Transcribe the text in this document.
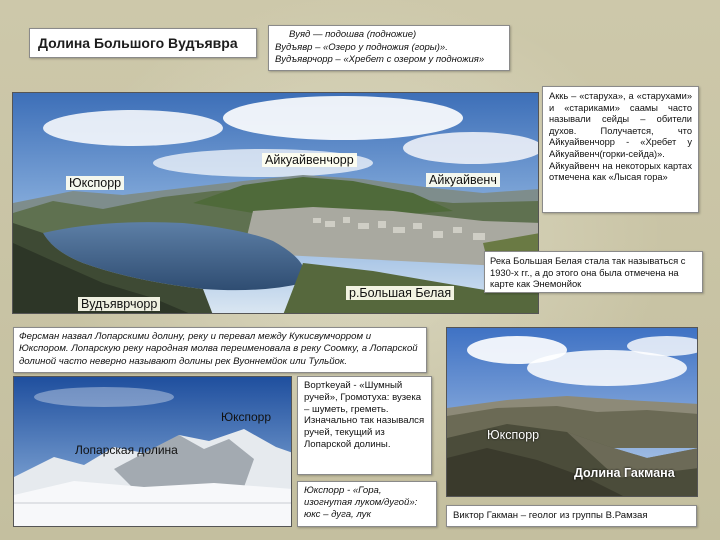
Долина Большого Вудъявра
Вуяд — подошва (подножие)
Вудъявр – «Озеро у подножия (горы)».
Вудъяврчорр – «Хребет с озером у подножия»
Айкуайвенчорр
Юкспорр	Айкуайвенч
р.Большая Белая
Вудъяврчорр
Аккь – «старуха», а «старухами» и «стариками» саамы часто называли сейды – обители духов. Получается, что Айкуайвенчорр - «Хребет у Айкуайвенч(горки-сейда)». Айкуайвенч на некоторых картах отмечена как «Лысая гора»
Река Большая Белая стала так называться с 1930-х гг., а до этого она была отмечена на карте как Энемонйок
Ферсман назвал Лопарскими долину, реку и перевал между Кукисвумчорром и Юкспором. Лопарскую реку народная молва переименовала в реку Соомку, а Лопарской долиной часто неверно называют долины рек Вуоннемйок или Тульйок.
Юкспорр
Лопарская долина
Вортkeуай - «Шумный ручей», Громотуха: вузека – шуметь, греметь. Изначально так назывался ручей, текущий из Лопарской долины.
Юкспорр - «Гора, изогнутая луком/дугой»: юкс – дуга, лук
Юкспорр
Долина Гакмана
Виктор Гакман – геолог из группы В.Рамзая
